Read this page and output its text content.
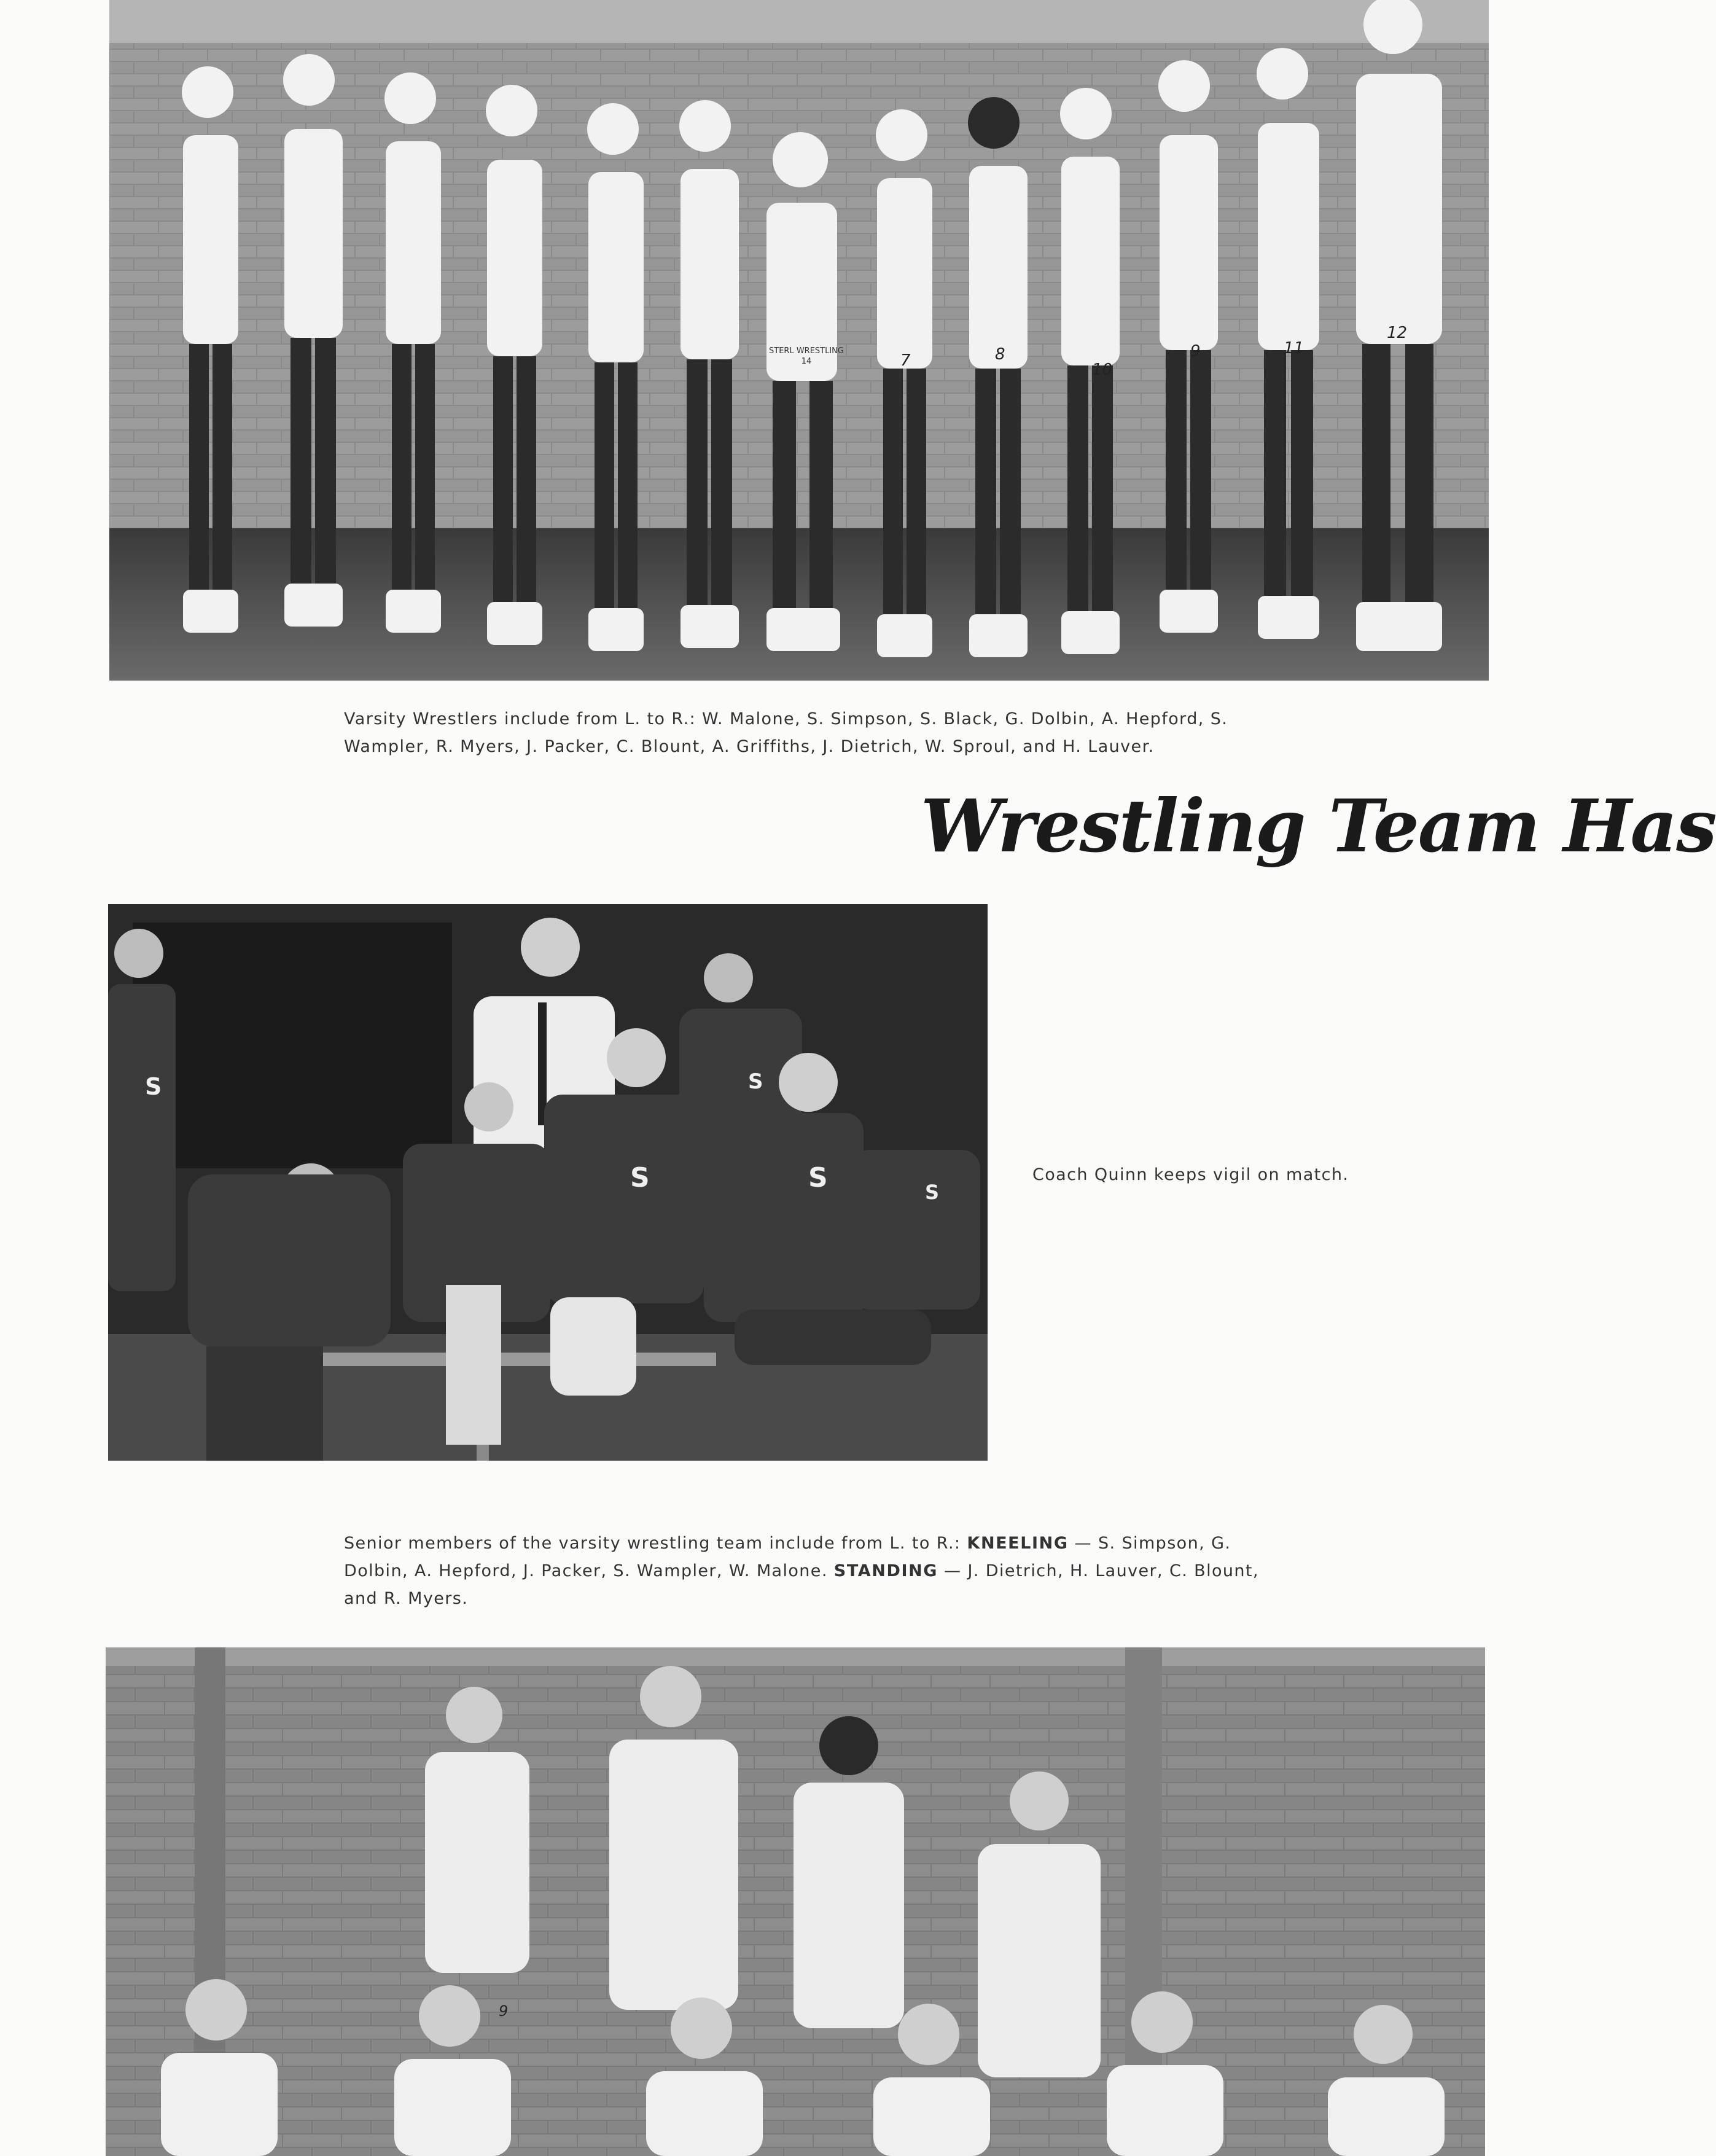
7	8
10
9	11
12
STERL WRESTLING
14
Varsity Wrestlers include from L. to R.: W. Malone, S. Simpson, S. Black, G. Dolbin, A. Hepford, S. Wampler, R. Myers, J. Packer, C. Blount, A. Griffiths, J. Dietrich, W. Sproul, and H. Lauver.
Wrestling Team Has
S	S
S
S
S
Coach Quinn keeps vigil on match.
Senior members of the varsity wrestling team include from L. to R.: KNEELING — S. Simpson, G. Dolbin, A. Hepford, J. Packer, S. Wampler, W. Malone. STANDING — J. Dietrich, H. Lauver, C. Blount, and R. Myers.
9
